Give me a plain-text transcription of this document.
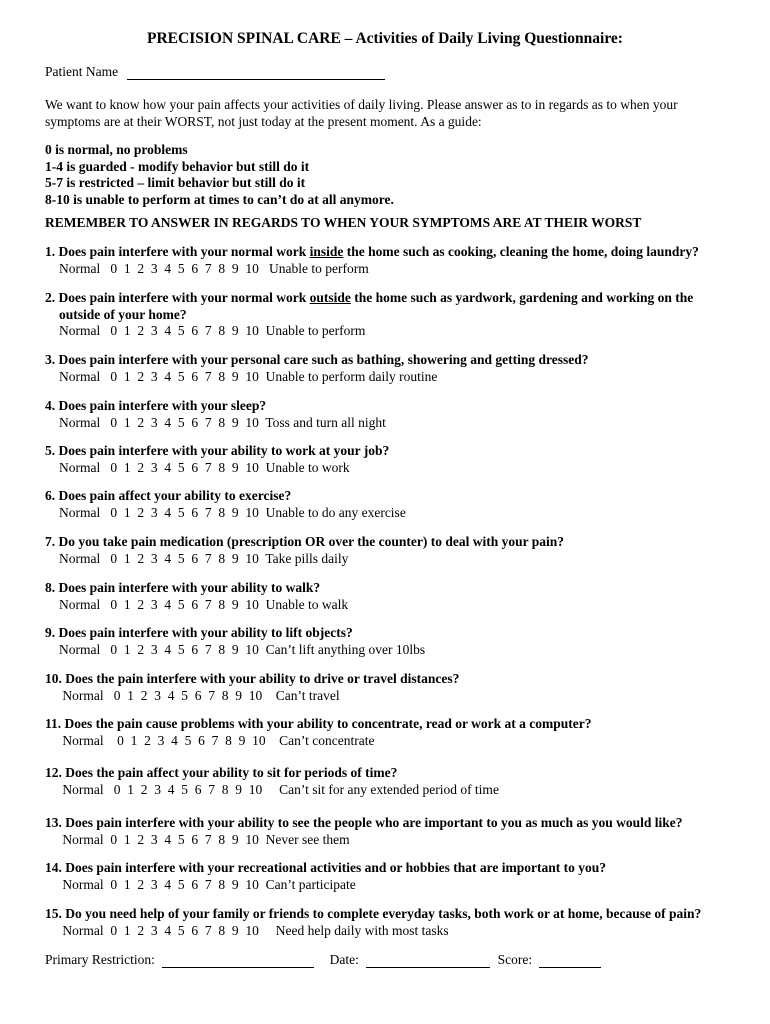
PRECISION SPINAL CARE – Activities of Daily Living Questionnaire:
Patient Name
We want to know how your pain affects your activities of daily living. Please answer as to in regards as to when your symptoms are at their WORST, not just today at the present moment. As a guide:
0 is normal, no problems
1-4 is guarded - modify behavior but still do it
5-7 is restricted – limit behavior but still do it
8-10 is unable to perform at times to can’t do at all anymore.
REMEMBER TO ANSWER IN REGARDS TO WHEN YOUR SYMPTOMS ARE AT THEIR WORST
1. Does pain interfere with your normal work inside the home such as cooking, cleaning the home, doing laundry?
Normal   0  1  2  3  4  5  6  7  8  9  10   Unable to perform
2. Does pain interfere with your normal work outside the home such as yardwork, gardening and working on the
outside of your home?
Normal   0  1  2  3  4  5  6  7  8  9  10  Unable to perform
3. Does pain interfere with your personal care such as bathing, showering and getting dressed?
Normal   0  1  2  3  4  5  6  7  8  9  10  Unable to perform daily routine
4. Does pain interfere with your sleep?
Normal   0  1  2  3  4  5  6  7  8  9  10  Toss and turn all night
5. Does pain interfere with your ability to work at your job?
Normal   0  1  2  3  4  5  6  7  8  9  10  Unable to work
6. Does pain affect your ability to exercise?
Normal   0  1  2  3  4  5  6  7  8  9  10  Unable to do any exercise
7. Do you take pain medication (prescription OR over the counter) to deal with your pain?
Normal   0  1  2  3  4  5  6  7  8  9  10  Take pills daily
8. Does pain interfere with your ability to walk?
Normal   0  1  2  3  4  5  6  7  8  9  10  Unable to walk
9. Does pain interfere with your ability to lift objects?
Normal   0  1  2  3  4  5  6  7  8  9  10  Can’t lift anything over 10lbs
10. Does the pain interfere with your ability to drive or travel distances?
Normal   0  1  2  3  4  5  6  7  8  9  10    Can’t travel
11. Does the pain cause problems with your ability to concentrate, read or work at a computer?
Normal    0  1  2  3  4  5  6  7  8  9  10    Can’t concentrate
12. Does the pain affect your ability to sit for periods of time?
Normal   0  1  2  3  4  5  6  7  8  9  10     Can’t sit for any extended period of time
13. Does pain interfere with your ability to see the people who are important to you as much as you would like?
Normal  0  1  2  3  4  5  6  7  8  9  10  Never see them
14. Does pain interfere with your recreational activities and or hobbies that are important to you?
Normal  0  1  2  3  4  5  6  7  8  9  10  Can’t participate
15. Do you need help of your family or friends to complete everyday tasks, both work or at home, because of pain?
Normal  0  1  2  3  4  5  6  7  8  9  10     Need help daily with most tasks
Primary Restriction:	Date:	Score:
